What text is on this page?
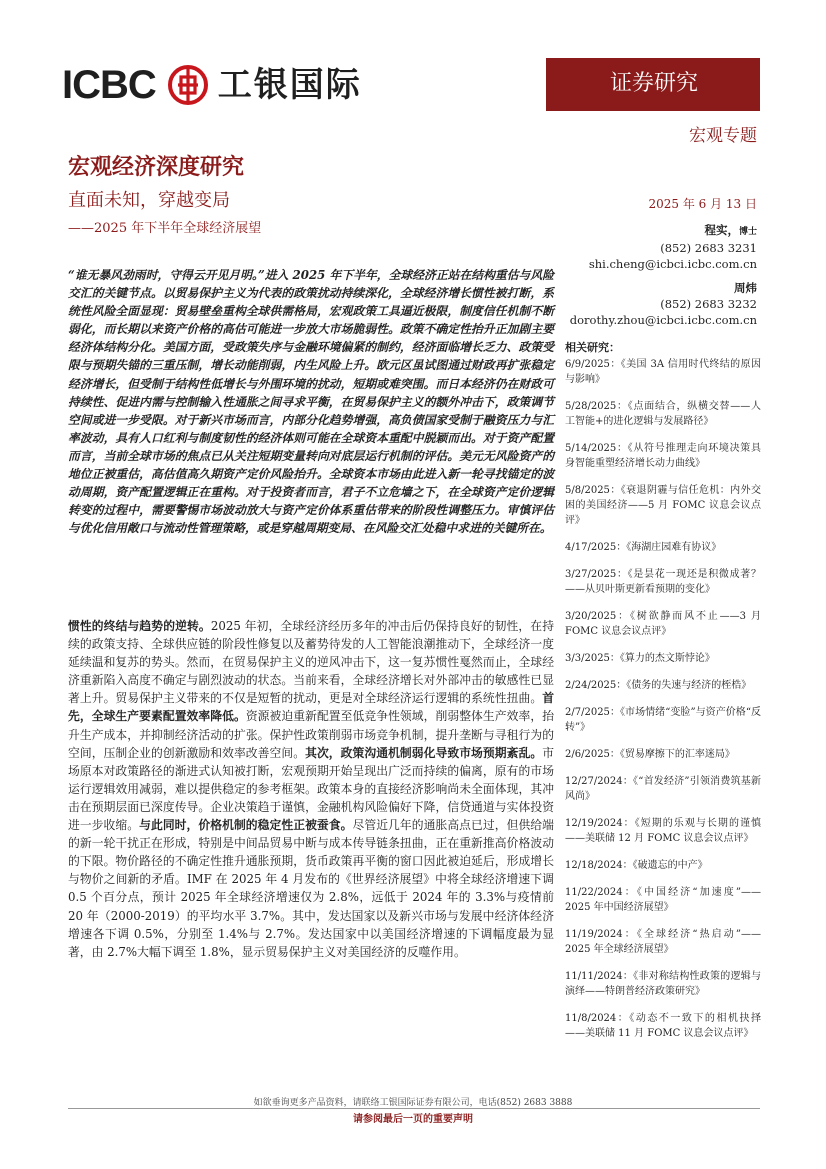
ICBC 工银国际	证券研究
宏观专题
宏观经济深度研究
直面未知，穿越变局
——2025 年下半年全球经济展望
2025 年 6 月 13 日
程实，博士
(852) 2683 3231
shi.cheng@icbci.icbc.com.cn
周炜
(852) 2683 3232
dorothy.zhou@icbci.icbc.com.cn
“谁无暴风劲雨时，守得云开见月明。”进入 2025 年下半年，全球经济正站在结构重估与风险交汇的关键节点。以贸易保护主义为代表的政策扰动持续深化，全球经济增长惯性被打断，系统性风险全面显现：贸易壁垒重构全球供需格局，宏观政策工具逼近极限，制度信任机制不断弱化，而长期以来资产价格的高估可能进一步放大市场脆弱性。政策不确定性抬升正加剧主要经济体结构分化。美国方面，受政策失序与金融环境偏紧的制约，经济面临增长乏力、政策受限与预期失锚的三重压制，增长动能削弱，内生风险上升。欧元区虽试图通过财政再扩张稳定经济增长，但受制于结构性低增长与外围环境的扰动，短期或难突围。而日本经济仍在财政可持续性、促进内需与控制输入性通胀之间寻求平衡，在贸易保护主义的额外冲击下，政策调节空间或进一步受限。对于新兴市场而言，内部分化趋势增强，高负债国家受制于融资压力与汇率波动，具有人口红利与制度韧性的经济体则可能在全球资本重配中脱颖而出。对于资产配置而言，当前全球市场的焦点已从关注短期变量转向对底层运行机制的评估。美元无风险资产的地位正被重估，高估值高久期资产定价风险抬升。全球资本市场由此进入新一轮寻找锚定的波动周期，资产配置逻辑正在重构。对于投资者而言，君子不立危墙之下，在全球资产定价逻辑转变的过程中，需要警惕市场波动放大与资产定价体系重估带来的阶段性调整压力。审慎评估与优化信用敞口与流动性管理策略，或是穿越周期变局、在风险交汇处稳中求进的关键所在。
惯性的终结与趋势的逆转。2025 年初，全球经济经历多年的冲击后仍保持良好的韧性，在持续的政策支持、全球供应链的阶段性修复以及蓄势待发的人工智能浪潮推动下，全球经济一度延续温和复苏的势头。然而，在贸易保护主义的逆风冲击下，这一复苏惯性戛然而止，全球经济重新陷入高度不确定与剧烈波动的状态。当前来看，全球经济增长对外部冲击的敏感性已显著上升。贸易保护主义带来的不仅是短暂的扰动，更是对全球经济运行逻辑的系统性扭曲。首先，全球生产要素配置效率降低。资源被迫重新配置至低竞争性领域，削弱整体生产效率，抬升生产成本，并抑制经济活动的扩张。保护性政策削弱市场竞争机制，提升垄断与寻租行为的空间，压制企业的创新激励和效率改善空间。其次，政策沟通机制弱化导致市场预期紊乱。市场原本对政策路径的渐进式认知被打断，宏观预期开始呈现出广泛而持续的偏离，原有的市场运行逻辑效用减弱，难以提供稳定的参考框架。政策本身的直接经济影响尚未全面体现，其冲击在预期层面已深度传导。企业决策趋于谨慎，金融机构风险偏好下降，信贷通道与实体投资进一步收缩。与此同时，价格机制的稳定性正被蚕食。尽管近几年的通胀高点已过，但供给端的新一轮干扰正在形成，特别是中间品贸易中断与成本传导链条扭曲，正在重新推高价格波动的下限。物价路径的不确定性推升通胀预期，货币政策再平衡的窗口因此被迫延后，形成增长与物价之间新的矛盾。IMF 在 2025 年 4 月发布的《世界经济展望》中将全球经济增速下调 0.5 个百分点，预计 2025 年全球经济增速仅为 2.8%，远低于 2024 年的 3.3%与疫情前 20 年（2000-2019）的平均水平 3.7%。其中，发达国家以及新兴市场与发展中经济体经济增速各下调 0.5%，分别至 1.4%与 2.7%。发达国家中以美国经济增速的下调幅度最为显著，由 2.7%大幅下调至 1.8%，显示贸易保护主义对美国经济的反噬作用。
相关研究：
6/9/2025：《美国 3A 信用时代终结的原因与影响》
5/28/2025：《点面结合，纵横交替——人工智能+的进化逻辑与发展路径》
5/14/2025：《从符号推理走向环境决策具身智能重塑经济增长动力曲线》
5/8/2025：《衰退阴霾与信任危机：内外交困的美国经济——5 月 FOMC 议息会议点评》
4/17/2025：《海湖庄园难有协议》
3/27/2025：《是昙花一现还是积微成著？——从贝叶斯更新看预期的变化》
3/20/2025：《树欲静而风不止——3 月 FOMC 议息会议点评》
3/3/2025：《算力的杰文斯悖论》
2/24/2025：《债务的失速与经济的桎梏》
2/7/2025：《市场情绪“变脸”与资产价格“反转”》
2/6/2025：《贸易摩擦下的汇率迷局》
12/27/2024：《“首发经济”引领消费筑基新风尚》
12/19/2024：《短期的乐观与长期的谨慎——美联储 12 月 FOMC 议息会议点评》
12/18/2024：《破遗忘的中产》
11/22/2024：《中国经济“加速度”——2025 年中国经济展望》
11/19/2024：《全球经济“热启动”——2025 年全球经济展望》
11/11/2024：《非对称结构性政策的逻辑与演绎——特朗普经济政策研究》
11/8/2024：《动态不一致下的相机抉择——美联储 11 月 FOMC 议息会议点评》
如欲垂询更多产品资料，请联络工银国际证券有限公司，电话(852) 2683 3888
请参阅最后一页的重要声明
